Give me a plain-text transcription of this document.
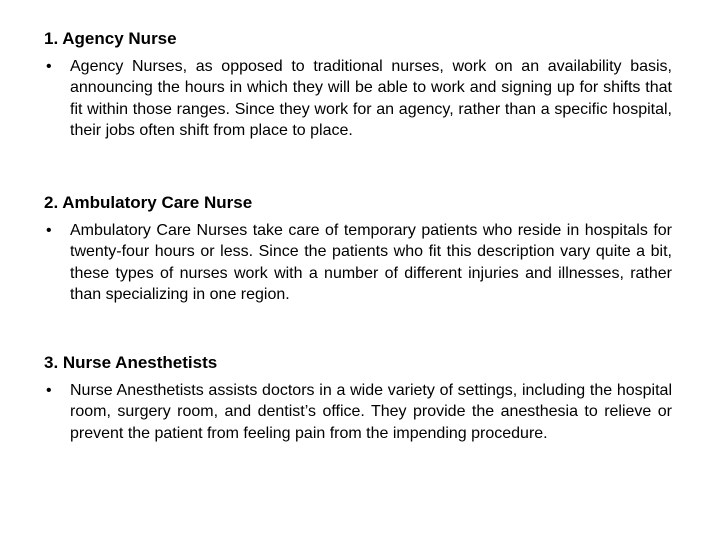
1. Agency Nurse

•	Agency Nurses, as opposed to traditional nurses, work on an availability basis, announcing the hours in which they will be able to work and signing up for shifts that fit within those ranges. Since they work for an agency, rather than a specific hospital, their jobs often shift from place to place.

2. Ambulatory Care Nurse

•	Ambulatory Care Nurses take care of temporary patients who reside in hospitals for twenty-four hours or less. Since the patients who fit this description vary quite a bit, these types of nurses work with a number of different injuries and illnesses, rather than specializing in one region.

3. Nurse Anesthetists

•	Nurse Anesthetists assists doctors in a wide variety of settings, including the hospital room, surgery room, and dentist’s office. They provide the anesthesia to relieve or prevent the patient from feeling pain from the impending procedure.
